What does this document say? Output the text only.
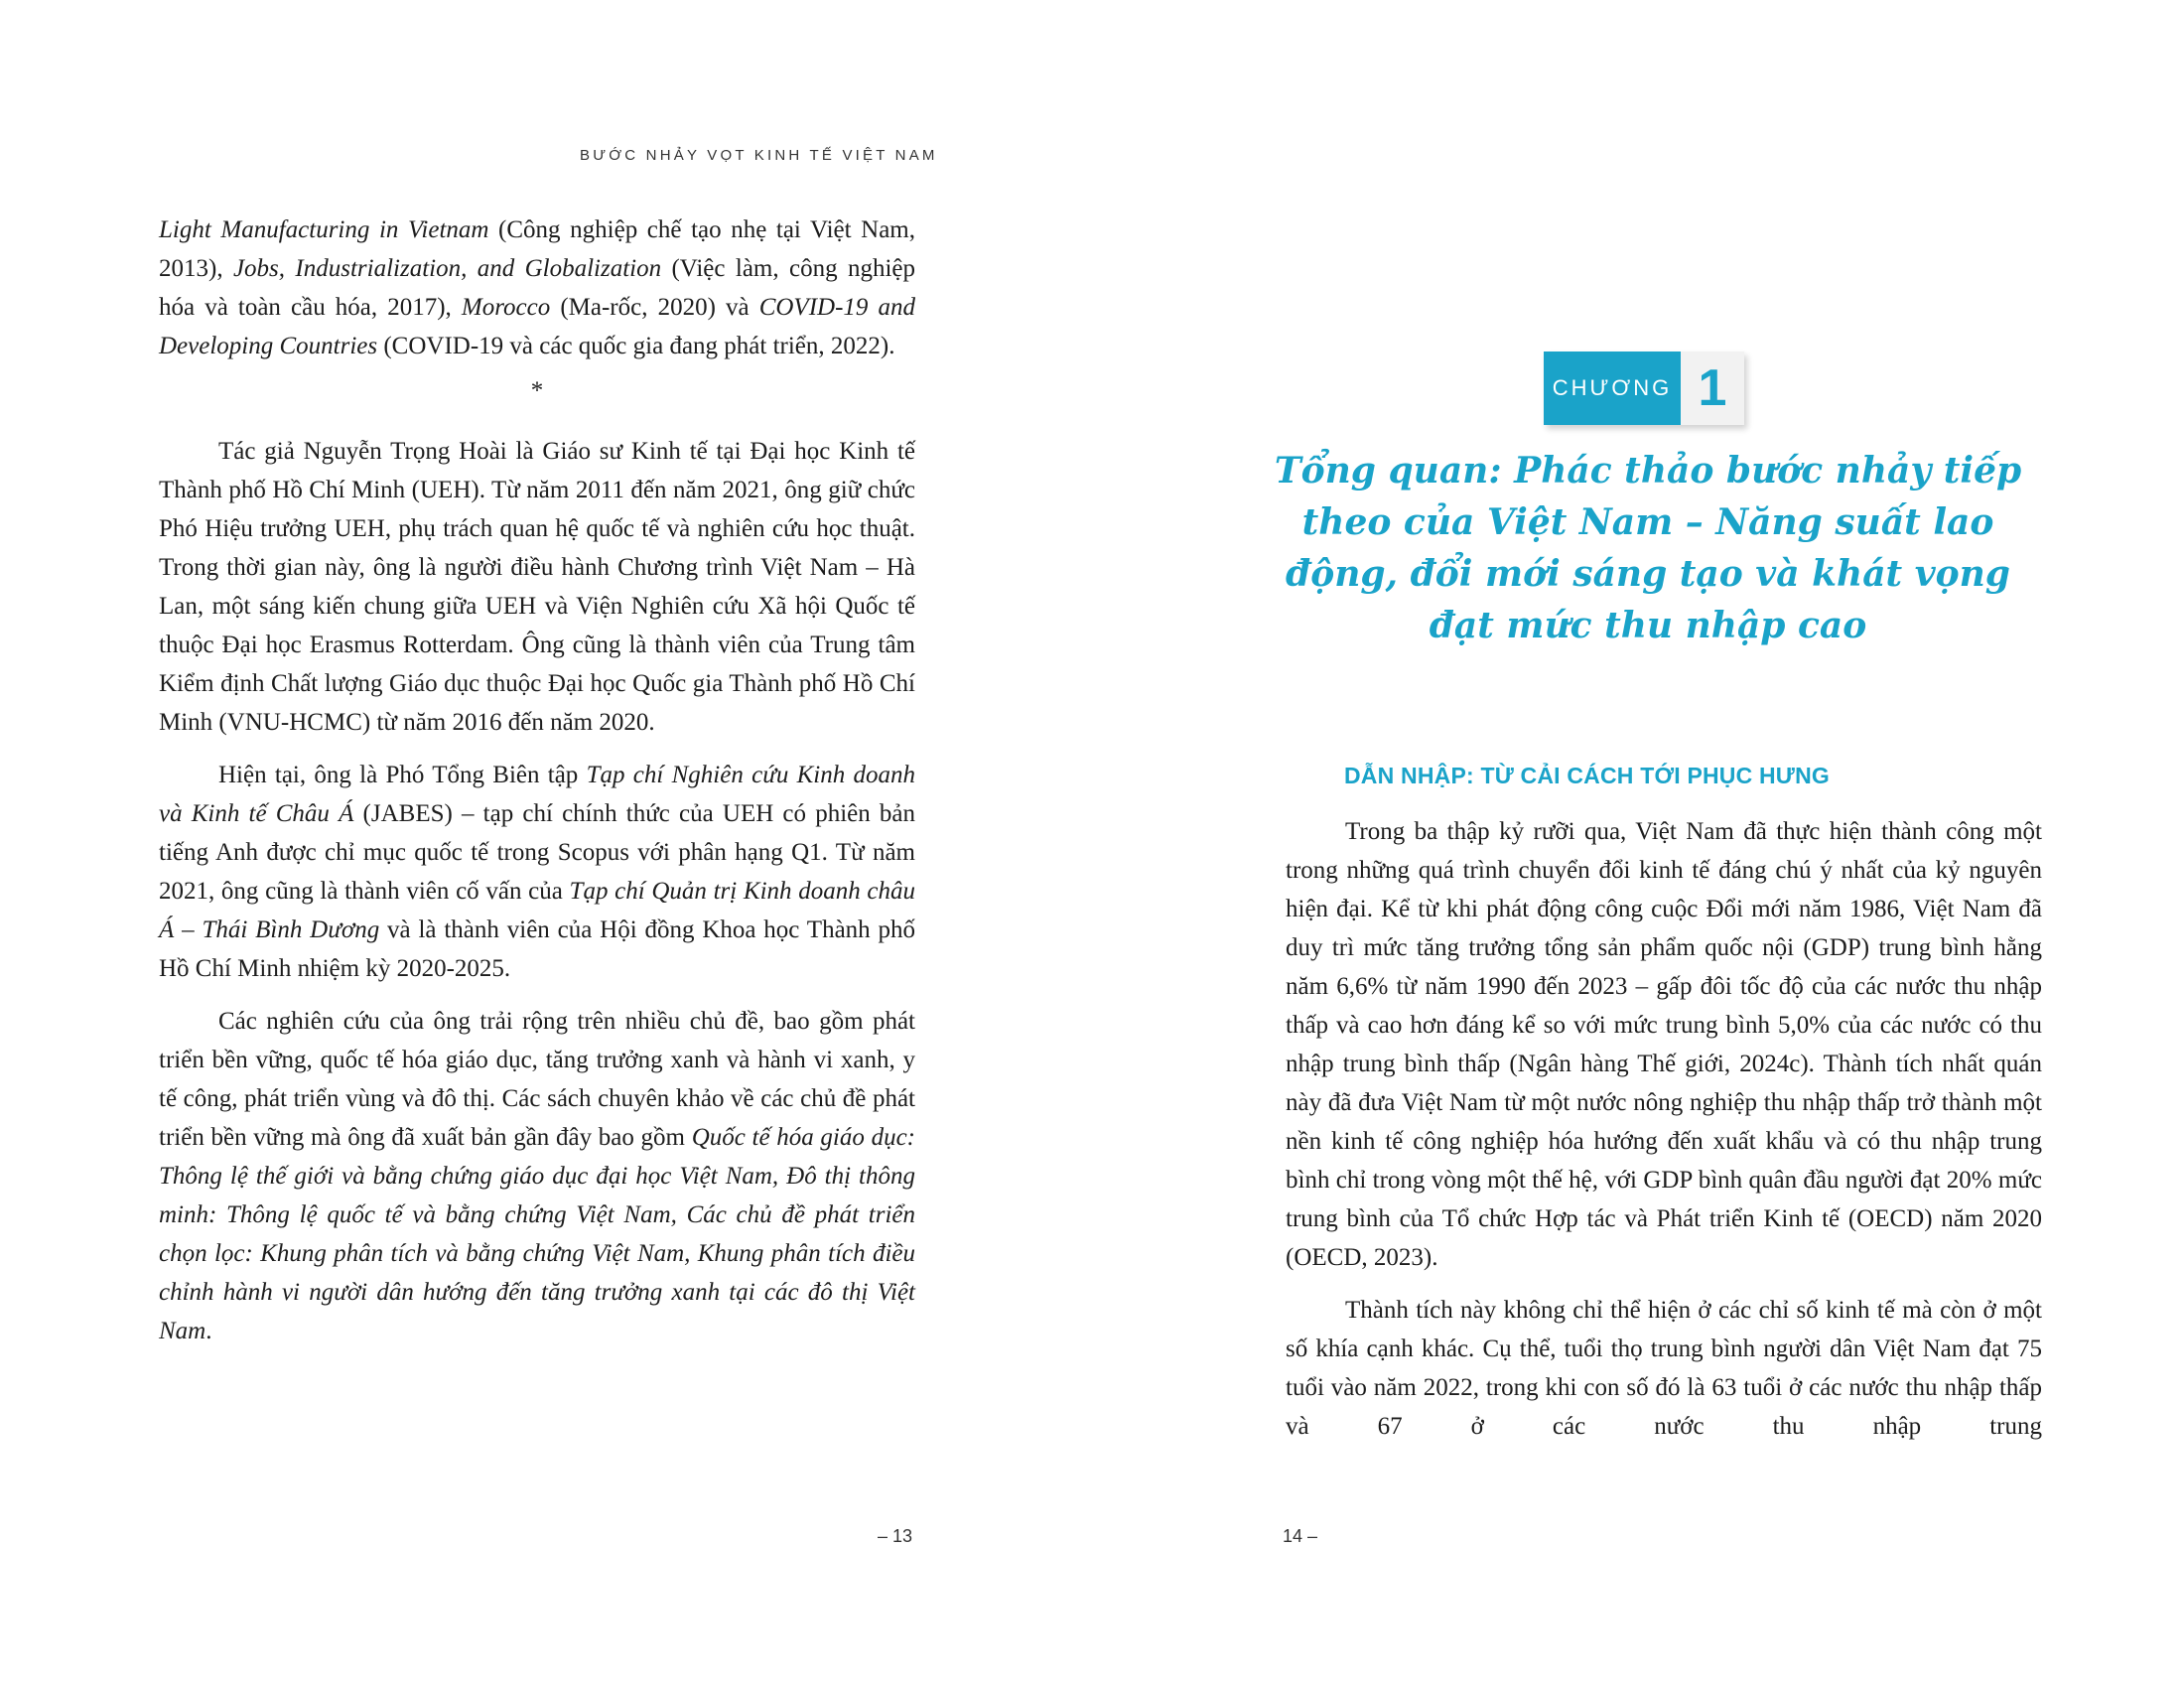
BƯỚC NHẢY VỌT KINH TẾ VIỆT NAM

Light Manufacturing in Vietnam (Công nghiệp chế tạo nhẹ tại Việt Nam, 2013), Jobs, Industrialization, and Globalization (Việc làm, công nghiệp hóa và toàn cầu hóa, 2017), Morocco (Ma-rốc, 2020) và COVID-19 and Developing Countries (COVID-19 và các quốc gia đang phát triển, 2022).

*

Tác giả Nguyễn Trọng Hoài là Giáo sư Kinh tế tại Đại học Kinh tế Thành phố Hồ Chí Minh (UEH). Từ năm 2011 đến năm 2021, ông giữ chức Phó Hiệu trưởng UEH, phụ trách quan hệ quốc tế và nghiên cứu học thuật. Trong thời gian này, ông là người điều hành Chương trình Việt Nam – Hà Lan, một sáng kiến chung giữa UEH và Viện Nghiên cứu Xã hội Quốc tế thuộc Đại học Erasmus Rotterdam. Ông cũng là thành viên của Trung tâm Kiểm định Chất lượng Giáo dục thuộc Đại học Quốc gia Thành phố Hồ Chí Minh (VNU-HCMC) từ năm 2016 đến năm 2020.

Hiện tại, ông là Phó Tổng Biên tập Tạp chí Nghiên cứu Kinh doanh và Kinh tế Châu Á (JABES) – tạp chí chính thức của UEH có phiên bản tiếng Anh được chỉ mục quốc tế trong Scopus với phân hạng Q1. Từ năm 2021, ông cũng là thành viên cố vấn của Tạp chí Quản trị Kinh doanh châu Á – Thái Bình Dương và là thành viên của Hội đồng Khoa học Thành phố Hồ Chí Minh nhiệm kỳ 2020-2025.

Các nghiên cứu của ông trải rộng trên nhiều chủ đề, bao gồm phát triển bền vững, quốc tế hóa giáo dục, tăng trưởng xanh và hành vi xanh, y tế công, phát triển vùng và đô thị. Các sách chuyên khảo về các chủ đề phát triển bền vững mà ông đã xuất bản gần đây bao gồm Quốc tế hóa giáo dục: Thông lệ thế giới và bằng chứng giáo dục đại học Việt Nam, Đô thị thông minh: Thông lệ quốc tế và bằng chứng Việt Nam, Các chủ đề phát triển chọn lọc: Khung phân tích và bằng chứng Việt Nam, Khung phân tích điều chỉnh hành vi người dân hướng đến tăng trưởng xanh tại các đô thị Việt Nam.

– 13
CHƯƠNG 1
Tổng quan: Phác thảo bước nhảy tiếp theo của Việt Nam – Năng suất lao động, đổi mới sáng tạo và khát vọng đạt mức thu nhập cao
DẪN NHẬP: TỪ CẢI CÁCH TỚI PHỤC HƯNG

Trong ba thập kỷ rưỡi qua, Việt Nam đã thực hiện thành công một trong những quá trình chuyển đổi kinh tế đáng chú ý nhất của kỷ nguyên hiện đại. Kể từ khi phát động công cuộc Đổi mới năm 1986, Việt Nam đã duy trì mức tăng trưởng tổng sản phẩm quốc nội (GDP) trung bình hằng năm 6,6% từ năm 1990 đến 2023 – gấp đôi tốc độ của các nước thu nhập thấp và cao hơn đáng kể so với mức trung bình 5,0% của các nước có thu nhập trung bình thấp (Ngân hàng Thế giới, 2024c). Thành tích nhất quán này đã đưa Việt Nam từ một nước nông nghiệp thu nhập thấp trở thành một nền kinh tế công nghiệp hóa hướng đến xuất khẩu và có thu nhập trung bình chỉ trong vòng một thế hệ, với GDP bình quân đầu người đạt 20% mức trung bình của Tổ chức Hợp tác và Phát triển Kinh tế (OECD) năm 2020 (OECD, 2023).

Thành tích này không chỉ thể hiện ở các chỉ số kinh tế mà còn ở một số khía cạnh khác. Cụ thể, tuổi thọ trung bình người dân Việt Nam đạt 75 tuổi vào năm 2022, trong khi con số đó là 63 tuổi ở các nước thu nhập thấp và 67 ở các nước thu nhập trung

14 –
